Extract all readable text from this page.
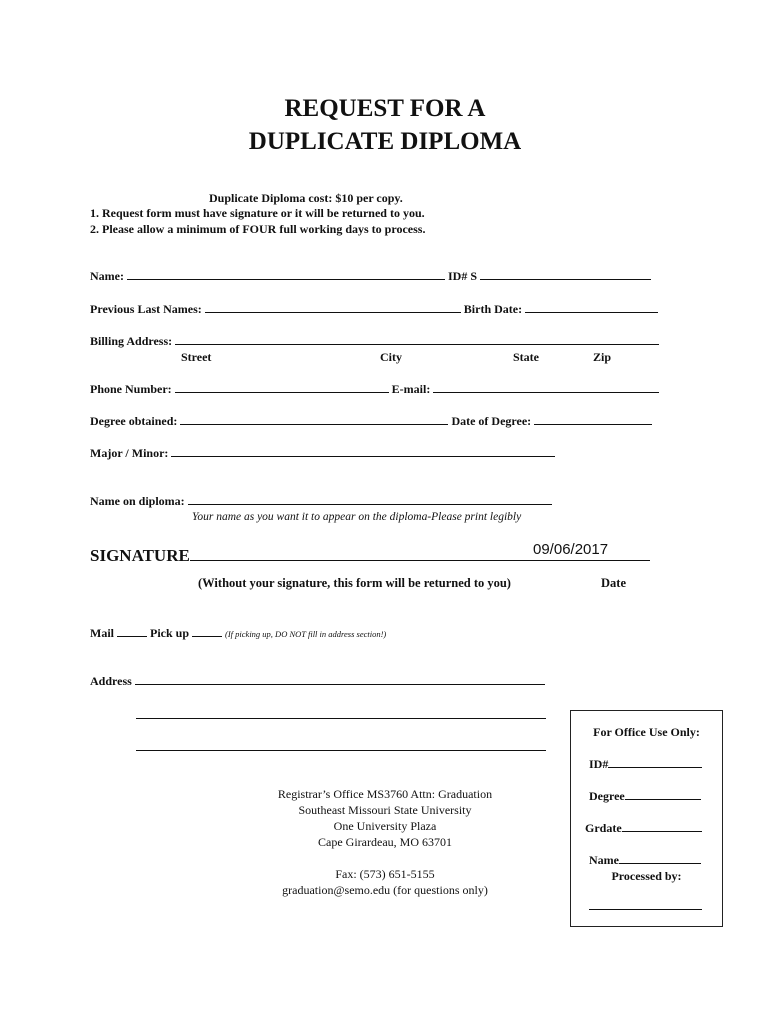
REQUEST FOR A
DUPLICATE DIPLOMA
Duplicate Diploma cost: $10 per copy.
1. Request form must have signature or it will be returned to you.
2. Please allow a minimum of FOUR full working days to process.
Name:	ID# S
Previous Last Names:	Birth Date:
Billing Address:
Street	City	State	Zip
Phone Number:	E-mail:
Degree obtained:	Date of Degree:
Major / Minor:
Name on diploma:
Your name as you want it to appear on the diploma-Please print legibly
SIGNATURE	09/06/2017
(Without your signature, this form will be returned to you)	Date
Mail	Pick up	(If picking up, DO NOT fill in address section!)
Address
Registrar’s Office MS3760 Attn: Graduation
Southeast Missouri State University
One University Plaza
Cape Girardeau, MO 63701
Fax: (573) 651-5155
graduation@semo.edu (for questions only)
For Office Use Only:
ID#
Degree
Grdate
Name
Processed by:
